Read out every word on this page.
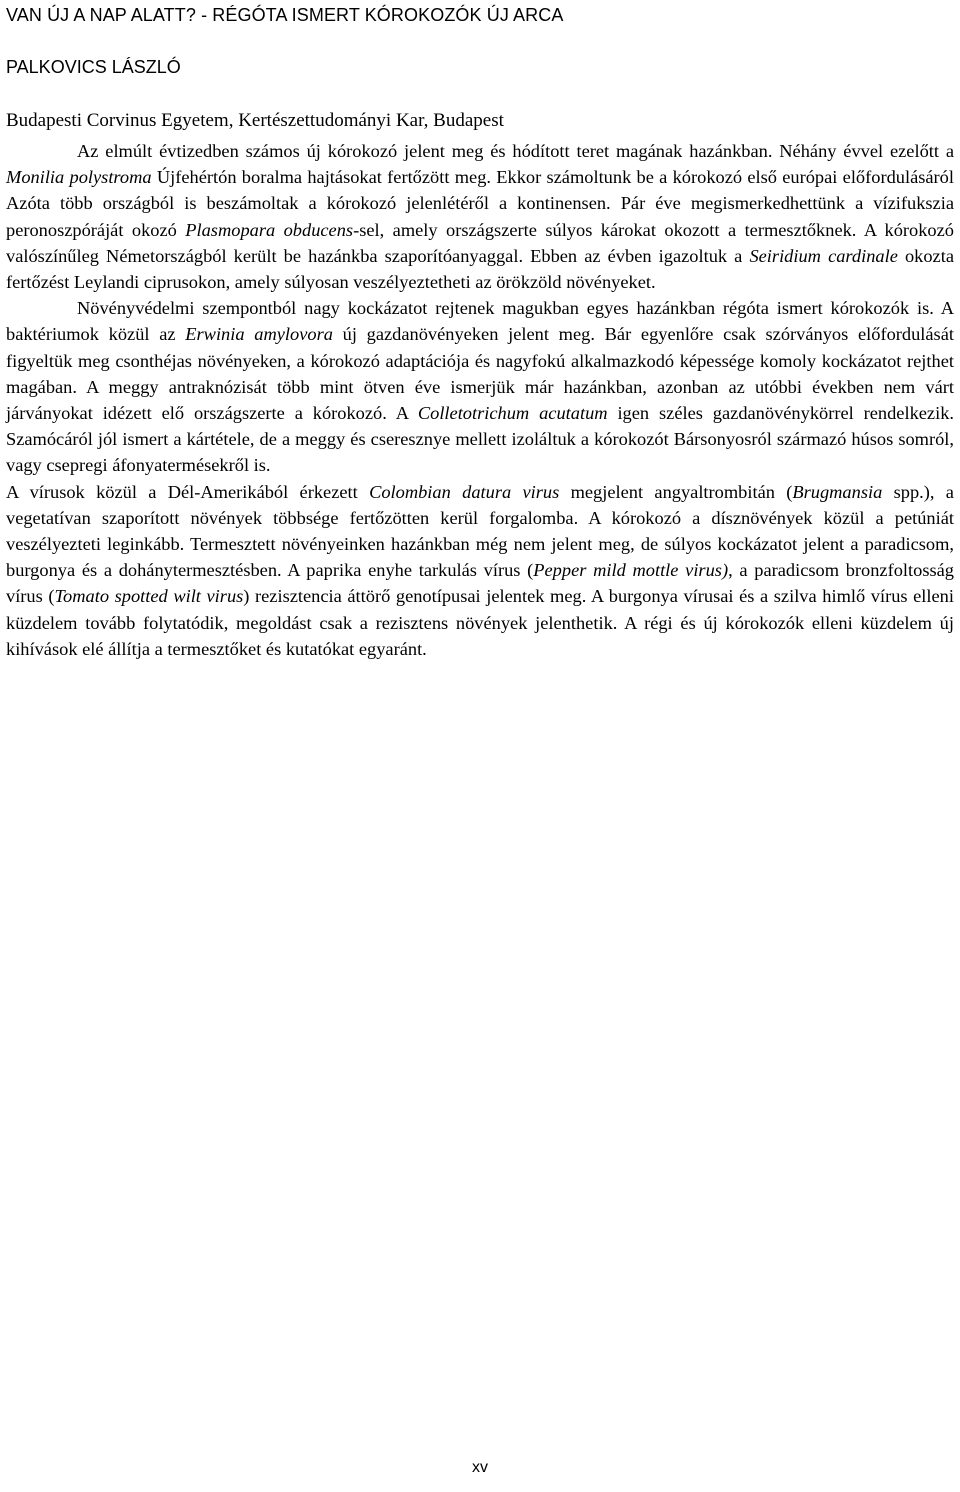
VAN ÚJ A NAP ALATT? - RÉGÓTA ISMERT KÓROKOZÓK ÚJ ARCA
PALKOVICS LÁSZLÓ
Budapesti Corvinus Egyetem, Kertészettudományi Kar, Budapest

Az elmúlt évtizedben számos új kórokozó jelent meg és hódított teret magának hazánkban. Néhány évvel ezelőtt a Monilia polystroma Újfehértón boralma hajtásokat fertőzött meg. Ekkor számoltunk be a kórokozó első európai előfordulásáról Azóta több országból is beszámoltak a kórokozó jelenlétéről a kontinensen. Pár éve megismerkedhettünk a vízifukszia peronoszpóráját okozó Plasmopara obducens-sel, amely országszerte súlyos károkat okozott a termesztőknek. A kórokozó valószínűleg Németországból került be hazánkba szaporítóanyaggal. Ebben az évben igazoltuk a Seiridium cardinale okozta fertőzést Leylandi ciprusokon, amely súlyosan veszélyeztetheti az örökzöld növényeket.

Növényvédelmi szempontból nagy kockázatot rejtenek magukban egyes hazánkban régóta ismert kórokozók is. A baktériumok közül az Erwinia amylovora új gazdanövényeken jelent meg. Bár egyenlőre csak szórványos előfordulását figyeltük meg csonthéjas növényeken, a kórokozó adaptációja és nagyfokú alkalmazkodó képessége komoly kockázatot rejthet magában. A meggy antraknózisát több mint ötven éve ismerjük már hazánkban, azonban az utóbbi években nem várt járványokat idézett elő országszerte a kórokozó. A Colletotrichum acutatum igen széles gazdanövénykörrel rendelkezik. Szamócáról jól ismert a kártétele, de a meggy és cseresznye mellett izoláltuk a kórokozót Bársonyosról származó húsos somról, vagy csepregi áfonyatermésekről is.

A vírusok közül a Dél-Amerikából érkezett Colombian datura virus megjelent angyaltrombitán (Brugmansia spp.), a vegetatívan szaporított növények többsége fertőzötten kerül forgalomba. A kórokozó a dísznövények közül a petúniát veszélyezteti leginkább. Termesztett növényeinken hazánkban még nem jelent meg, de súlyos kockázatot jelent a paradicsom, burgonya és a dohánytermesztésben. A paprika enyhe tarkulás vírus (Pepper mild mottle virus), a paradicsom bronzfoltosság vírus (Tomato spotted wilt virus) rezisztencia áttörő genotípusai jelentek meg. A burgonya vírusai és a szilva himlő vírus elleni küzdelem tovább folytatódik, megoldást csak a rezisztens növények jelenthetik. A régi és új kórokozók elleni küzdelem új kihívások elé állítja a termesztőket és kutatókat egyaránt.

xv
